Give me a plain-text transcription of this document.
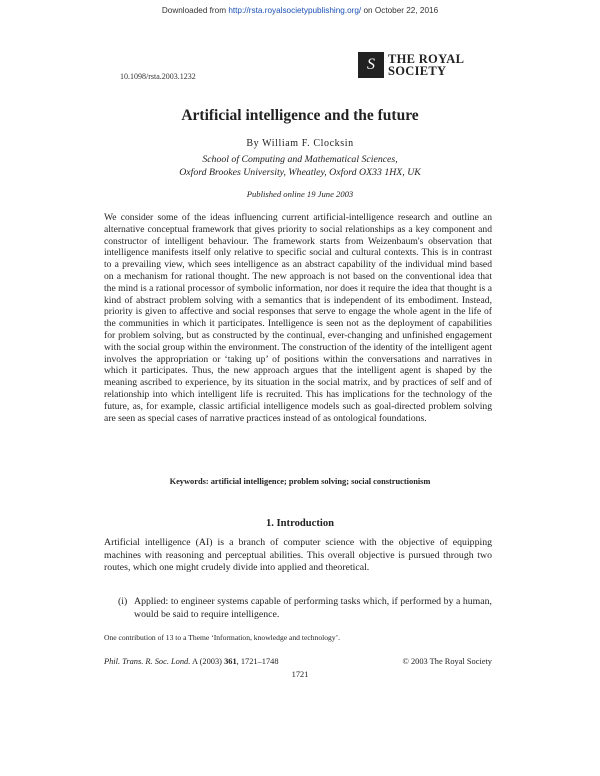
Downloaded from http://rsta.royalsocietypublishing.org/ on October 22, 2016
10.1098/rsta.2003.1232
S	THE ROYAL
SOCIETY
Artificial intelligence and the future
By William F. Clocksin
School of Computing and Mathematical Sciences,
Oxford Brookes University, Wheatley, Oxford OX33 1HX, UK
Published online 19 June 2003

We consider some of the ideas influencing current artificial-intelligence research and outline an alternative conceptual framework that gives priority to social relationships as a key component and constructor of intelligent behaviour. The framework starts from Weizenbaum's observation that intelligence manifests itself only relative to specific social and cultural contexts. This is in contrast to a prevailing view, which sees intelligence as an abstract capability of the individual mind based on a mechanism for rational thought. The new approach is not based on the conventional idea that the mind is a rational processor of symbolic information, nor does it require the idea that thought is a kind of abstract problem solving with a semantics that is independent of its embodiment. Instead, priority is given to affective and social responses that serve to engage the whole agent in the life of the communities in which it participates. Intelligence is seen not as the deployment of capabilities for problem solving, but as constructed by the continual, ever-changing and unfinished engagement with the social group within the environment. The construction of the identity of the intelligent agent involves the appropriation or ‘taking up’ of positions within the conversations and narratives in which it participates. Thus, the new approach argues that the intelligent agent is shaped by the meaning ascribed to experience, by its situation in the social matrix, and by practices of self and of relationship into which intelligent life is recruited. This has implications for the technology of the future, as, for example, classic artificial intelligence models such as goal-directed problem solving are seen as special cases of narrative practices instead of as ontological foundations.

Keywords: artificial intelligence; problem solving; social constructionism
1. Introduction

Artificial intelligence (AI) is a branch of computer science with the objective of equipping machines with reasoning and perceptual abilities. This overall objective is pursued through two routes, which one might crudely divide into applied and theoretical.

(i) Applied: to engineer systems capable of performing tasks which, if performed by a human, would be said to require intelligence.
One contribution of 13 to a Theme ‘Information, knowledge and technology’.
Phil. Trans. R. Soc. Lond. A (2003) 361, 1721–1748	© 2003 The Royal Society
1721
